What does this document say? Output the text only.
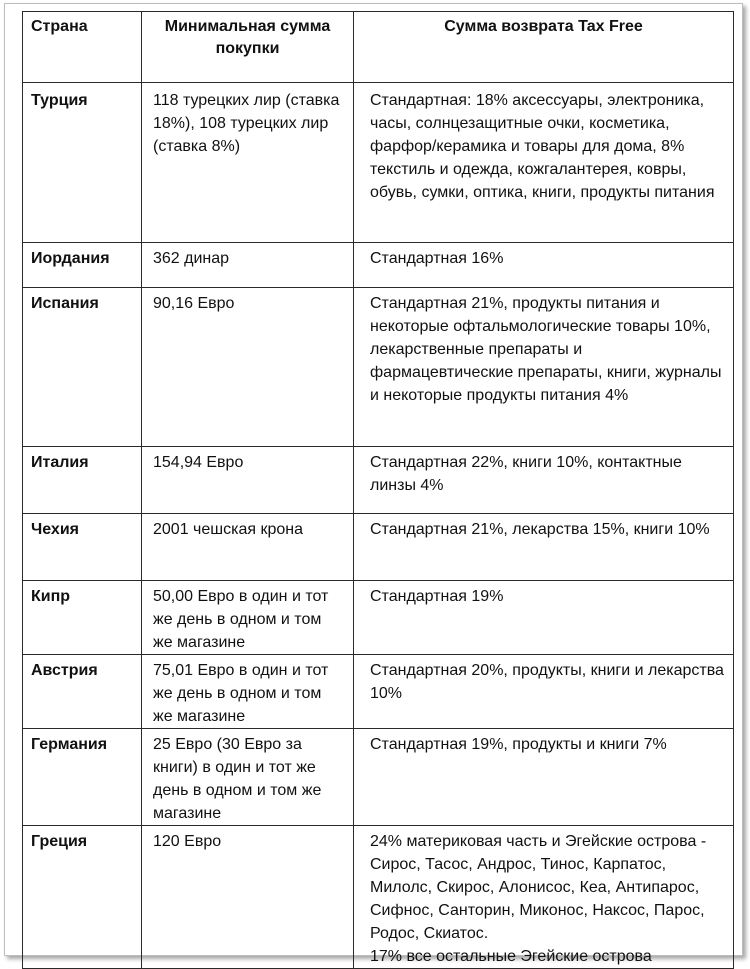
Страна	Минимальная сумма покупки	Сумма возврата Tax Free
Турция	118 турецких лир (ставка 18%), 108 турецких лир (ставка 8%)	Стандартная: 18% аксессуары, электроника, часы, солнцезащитные очки, косметика, фарфор/керамика и товары для дома, 8% текстиль и одежда, кожгалантерея, ковры, обувь, сумки, оптика, книги, продукты питания
Иордания	362 динар	Стандартная 16%
Испания	90,16 Евро	Стандартная 21%, продукты питания и некоторые офтальмологические товары 10%, лекарственные препараты и фармацевтические препараты, книги, журналы и некоторые продукты питания 4%
Италия	154,94 Евро	Стандартная 22%, книги 10%, контактные линзы 4%
Чехия	2001 чешская крона	Стандартная 21%, лекарства 15%, книги 10%
Кипр	50,00 Евро в один и тот же день в одном и том же магазине	Стандартная 19%
Австрия	75,01 Евро в один и тот же день в одном и том же магазине	Стандартная 20%, продукты, книги и лекарства 10%
Германия	25 Евро (30 Евро за книги) в один и тот же день в одном и том же магазине	Стандартная 19%, продукты и книги 7%
Греция	120 Евро	24% материковая часть и Эгейские острова - Сирос, Тасос, Андрос, Тинос, Карпатос, Милолс, Скирос, Алонисос, Кеа, Антипарос, Сифнос, Санторин, Миконос, Наксос, Парос, Родос, Скиатос.
17% все остальные Эгейские острова
